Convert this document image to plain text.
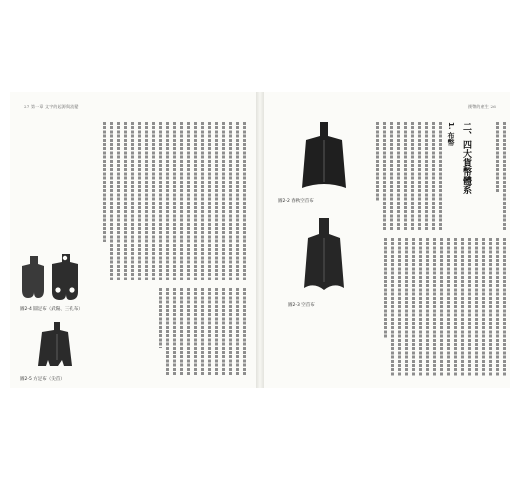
27 第一章 文字的起源與流變
圖2-4 圓足布（武陽、三孔布）
圖2-5 方足布（尖首）
錢幣的產生 26
1. 布幣 二、四大貨幣體系
圖2-2 春秋空首布
圖2-3 空首布
